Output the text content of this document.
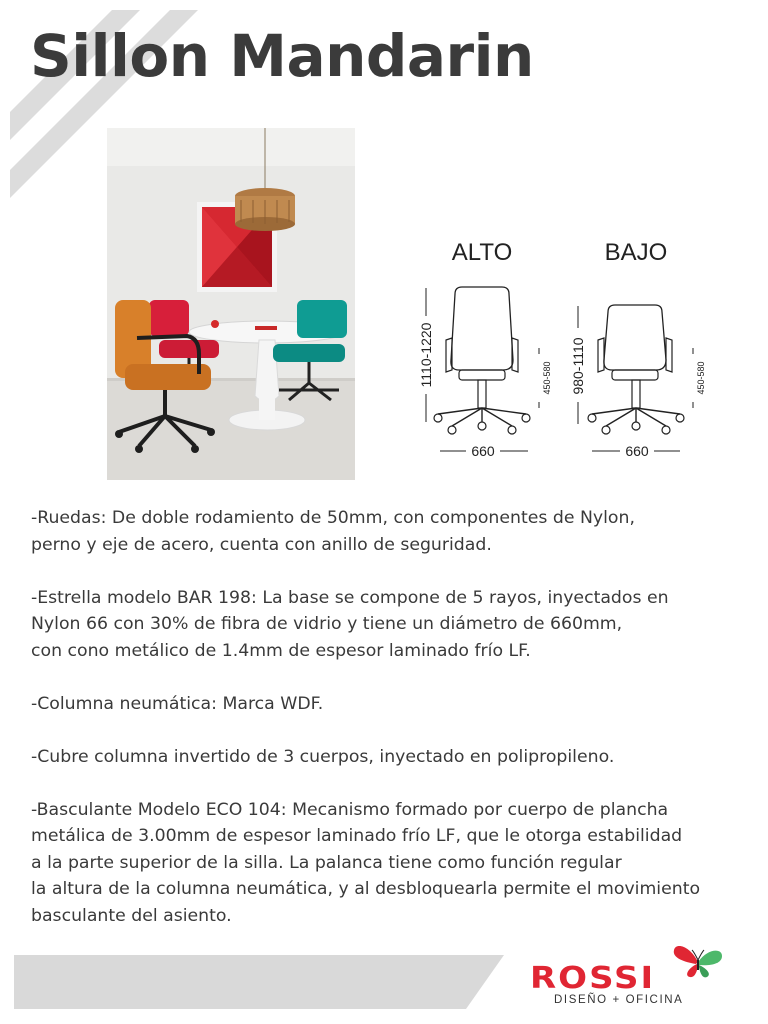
Sillon Mandarin
ALTO
1110-1220	450-580
660
BAJO
980-1110	450-580
660

-Ruedas: De doble rodamiento de 50mm, con componentes de Nylon,
perno y eje de acero, cuenta con anillo de seguridad.

-Estrella modelo BAR 198: La base se compone de 5 rayos, inyectados en
Nylon 66 con 30% de fibra de vidrio y tiene un diámetro de 660mm,
con cono metálico de 1.4mm de espesor laminado frío LF.

-Columna neumática: Marca WDF.

-Cubre columna invertido de 3 cuerpos, inyectado en polipropileno.

-Basculante Modelo ECO 104: Mecanismo formado por cuerpo de plancha
metálica de 3.00mm de espesor laminado frío LF, que le otorga estabilidad
a la parte superior de la silla. La palanca tiene como función regular
la altura de la columna neumática, y al desbloquearla permite el movimiento
basculante del asiento.

ROSSI
DISEÑO + OFICINA
